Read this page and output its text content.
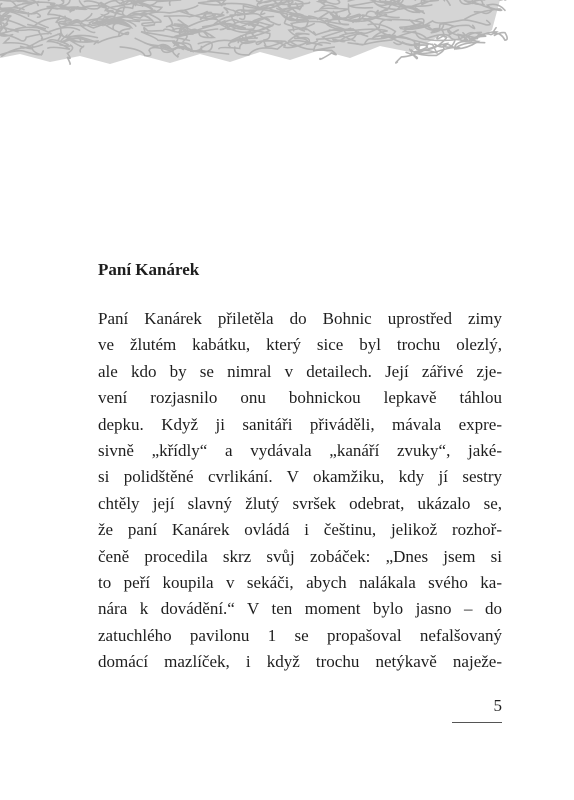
Paní Kanárek
Paní Kanárek přiletěla do Bohnic uprostřed zimy
ve žlutém kabátku, který sice byl trochu olezlý,
ale kdo by se nimral v detailech. Její zářivé zje-
vení rozjasnilo onu bohnickou lepkavě táhlou
depku. Když ji sanitáři přiváděli, mávala expre-
sivně „křídly“ a vydávala „kanáří zvuky“, jaké-
si polidštěné cvrlikání. V okamžiku, kdy jí sestry
chtěly její slavný žlutý svršek odebrat, ukázalo se,
že paní Kanárek ovládá i češtinu, jelikož rozhoř-
čeně procedila skrz svůj zobáček: „Dnes jsem si
to peří koupila v sekáči, abych nalákala svého ka-
nára k dovádění.“ V ten moment bylo jasno – do
zatuchlého pavilonu 1 se propašoval nefalšovaný
domácí mazlíček, i když trochu netýkavě naježe-
5
